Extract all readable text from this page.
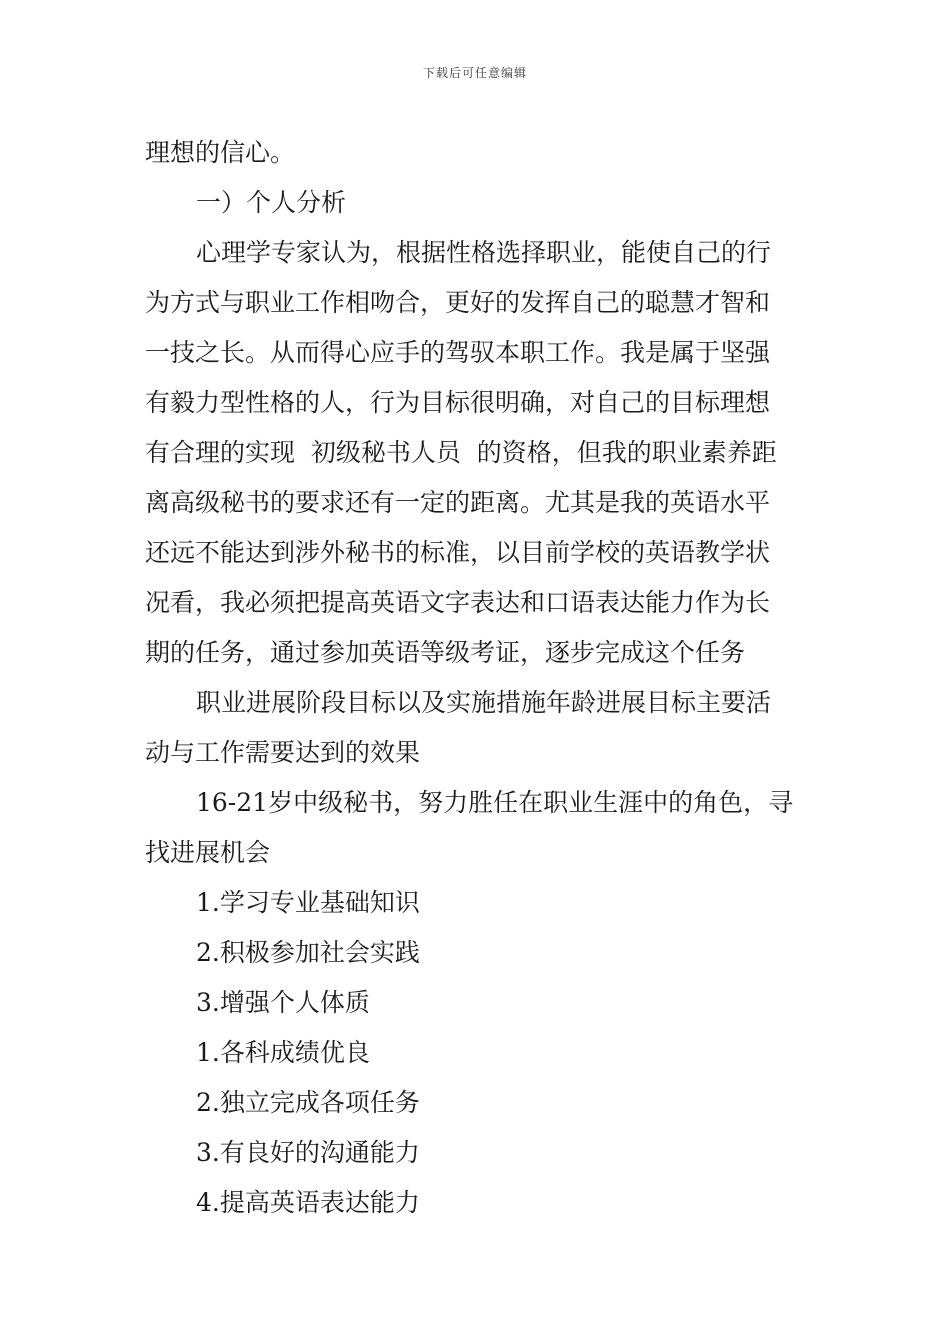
下载后可任意编辑
理想的信心。
一）个人分析
心理学专家认为，根据性格选择职业，能使自己的行
为方式与职业工作相吻合，更好的发挥自己的聪慧才智和
一技之长。从而得心应手的驾驭本职工作。我是属于坚强
有毅力型性格的人，行为目标很明确，对自己的目标理想
有合理的实现  初级秘书人员  的资格，但我的职业素养距
离高级秘书的要求还有一定的距离。尤其是我的英语水平
还远不能达到涉外秘书的标准，以目前学校的英语教学状
况看，我必须把提高英语文字表达和口语表达能力作为长
期的任务，通过参加英语等级考证，逐步完成这个任务
职业进展阶段目标以及实施措施年龄进展目标主要活
动与工作需要达到的效果
16-21岁中级秘书，努力胜任在职业生涯中的角色，寻
找进展机会
1.学习专业基础知识
2.积极参加社会实践
3.增强个人体质
1.各科成绩优良
2.独立完成各项任务
3.有良好的沟通能力
4.提高英语表达能力
